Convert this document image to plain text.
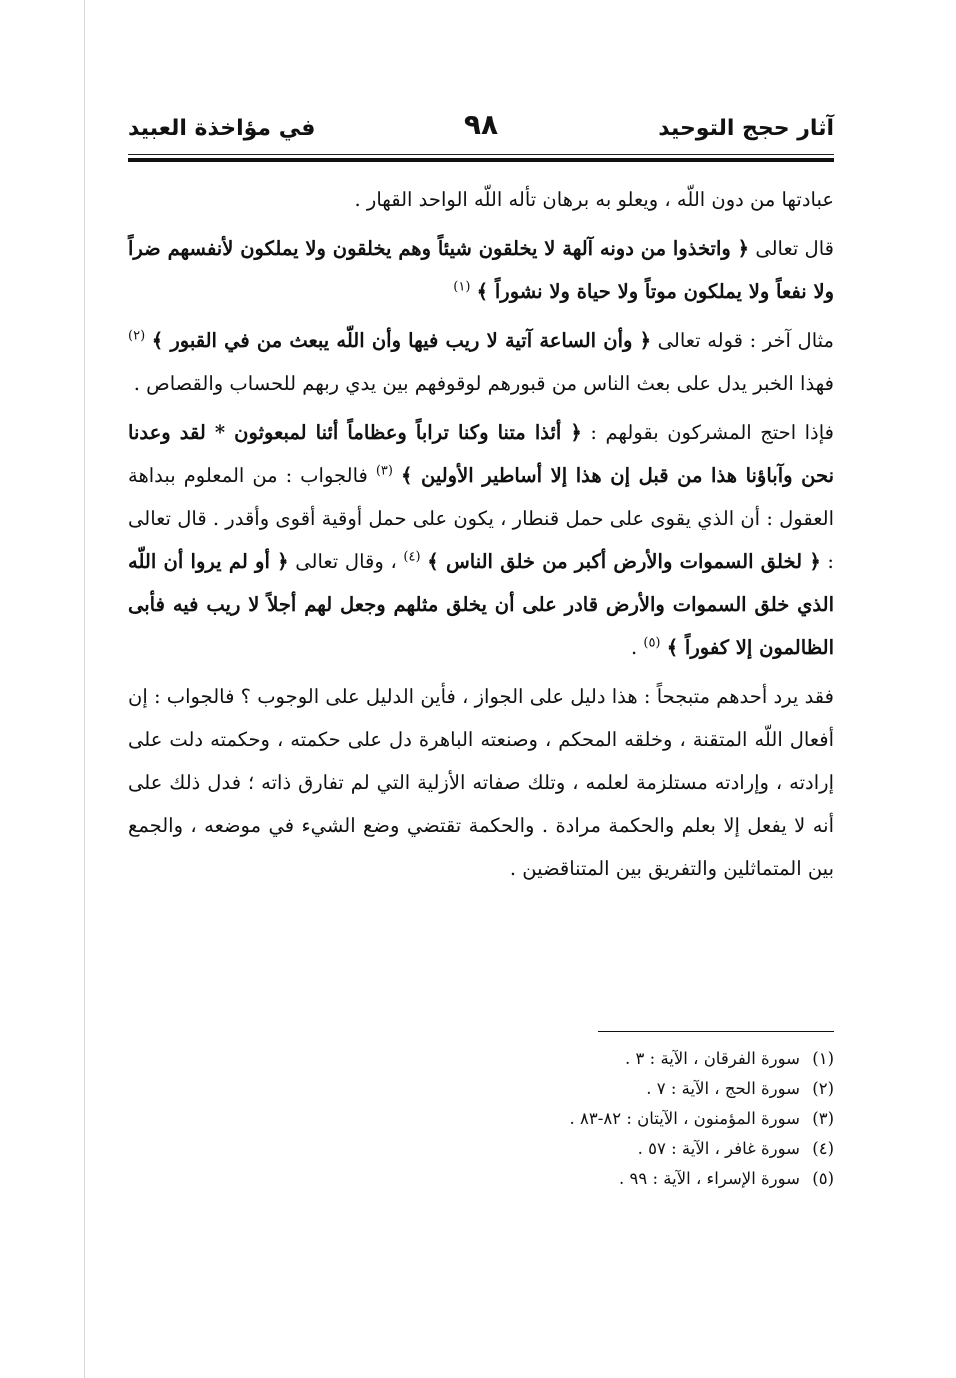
آثار حجج التوحيد
٩٨
في مؤاخذة العبيد

عبادتها من دون اللّه ، ويعلو به برهان تأله اللّه الواحد القهار .

قال تعالى ﴿ واتخذوا من دونه آلهة لا يخلقون شيئاً وهم يخلقون ولا يملكون لأنفسهم ضراً ولا نفعاً ولا يملكون موتاً ولا حياة ولا نشوراً ﴾ $^{(١)}$

مثال آخر : قوله تعالى ﴿ وأن الساعة آتية لا ريب فيها وأن اللّه يبعث من في القبور ﴾ $^{(٢)}$ فهذا الخبر يدل على بعث الناس من قبورهم لوقوفهم بين يدي ربهم للحساب والقصاص .

فإذا احتج المشركون بقولهم : ﴿ أئذا متنا وكنا تراباً وعظاماً أئنا لمبعوثون * لقد وعدنا نحن وآباؤنا هذا من قبل إن هذا إلا أساطير الأولين ﴾ $^{(٣)}$ فالجواب : من المعلوم ببداهة العقول : أن الذي يقوى على حمل قنطار ، يكون على حمل أوقية أقوى وأقدر . قال تعالى : ﴿ لخلق السموات والأرض أكبر من خلق الناس ﴾ $^{(٤)}$ ، وقال تعالى ﴿ أو لم يروا أن اللّه الذي خلق السموات والأرض قادر على أن يخلق مثلهم وجعل لهم أجلاً لا ريب فيه فأبى الظالمون إلا كفوراً ﴾ $^{(٥)}$ .

فقد يرد أحدهم متبجحاً : هذا دليل على الجواز ، فأين الدليل على الوجوب ؟ فالجواب : إن أفعال اللّه المتقنة ، وخلقه المحكم ، وصنعته الباهرة دل على حكمته ، وحكمته دلت على إرادته ، وإرادته مستلزمة لعلمه ، وتلك صفاته الأزلية التي لم تفارق ذاته ؛ فدل ذلك على أنه لا يفعل إلا بعلم والحكمة مرادة . والحكمة تقتضي وضع الشيء في موضعه ، والجمع بين المتماثلين والتفريق بين المتناقضين .

(١)سورة الفرقان ، الآية : ٣ .
(٢)سورة الحج ، الآية : ٧ .
(٣)سورة المؤمنون ، الآيتان : ٨٢-٨٣ .
(٤)سورة غافر ، الآية : ٥٧ .
(٥)سورة الإسراء ، الآية : ٩٩ .
